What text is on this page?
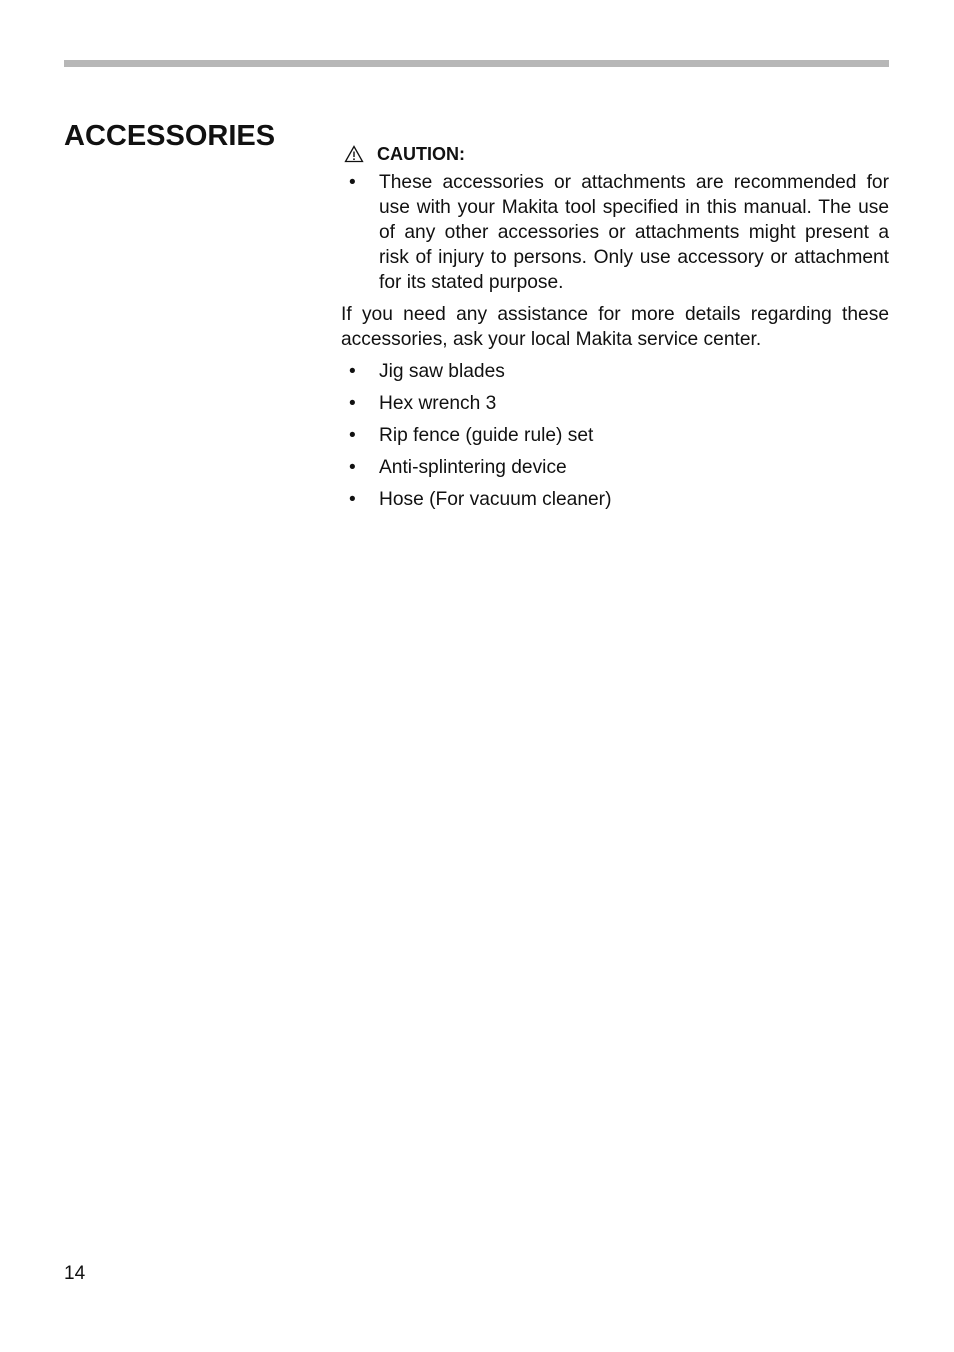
ACCESSORIES
CAUTION:
• These accessories or attachments are recommended for use with your Makita tool specified in this manual. The use of any other accessories or attachments might present a risk of injury to persons. Only use accessory or attachment for its stated purpose.

If you need any assistance for more details regarding these accessories, ask your local Makita service center.

• Jig saw blades
• Hex wrench 3
• Rip fence (guide rule) set
• Anti-splintering device
• Hose (For vacuum cleaner)
14
